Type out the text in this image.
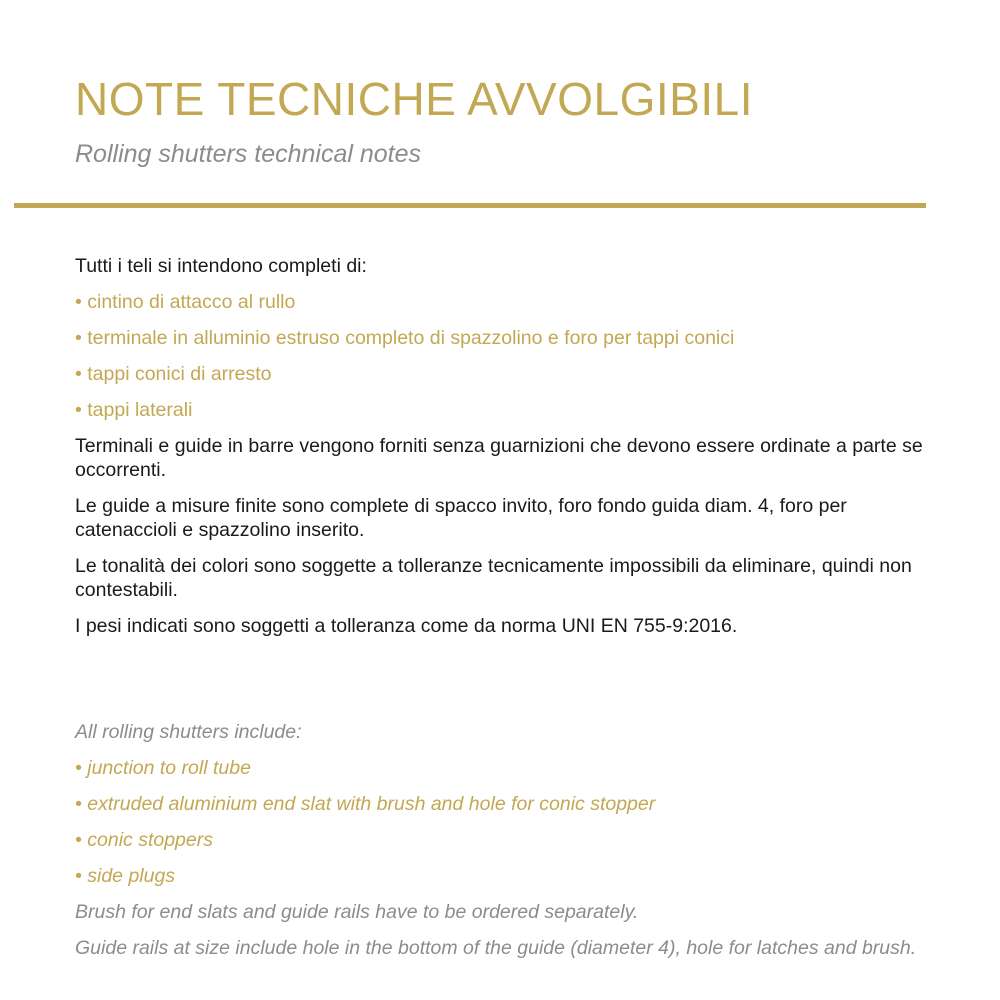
NOTE TECNICHE AVVOLGIBILI
Rolling shutters technical notes

Tutti i teli si intendono completi di:

• cintino di attacco al rullo
• terminale in alluminio estruso completo di spazzolino e foro per tappi conici
• tappi conici di arresto
• tappi laterali

Terminali e guide in barre vengono forniti senza guarnizioni che devono essere ordinate a parte se occorrenti.

Le guide a misure finite sono complete di spacco invito, foro fondo guida diam. 4, foro per catenaccioli e spazzolino inserito.

Le tonalità dei colori sono soggette a tolleranze tecnicamente impossibili da eliminare, quindi non contestabili.

I pesi indicati sono soggetti a tolleranza come da norma UNI EN 755-9:2016.

All rolling shutters include:

• junction to roll tube
• extruded aluminium end slat with brush and hole for conic stopper
• conic stoppers
• side plugs

Brush for end slats and guide rails have to be ordered separately.

Guide rails at size include hole in the bottom of the guide (diameter 4), hole for latches and brush.
